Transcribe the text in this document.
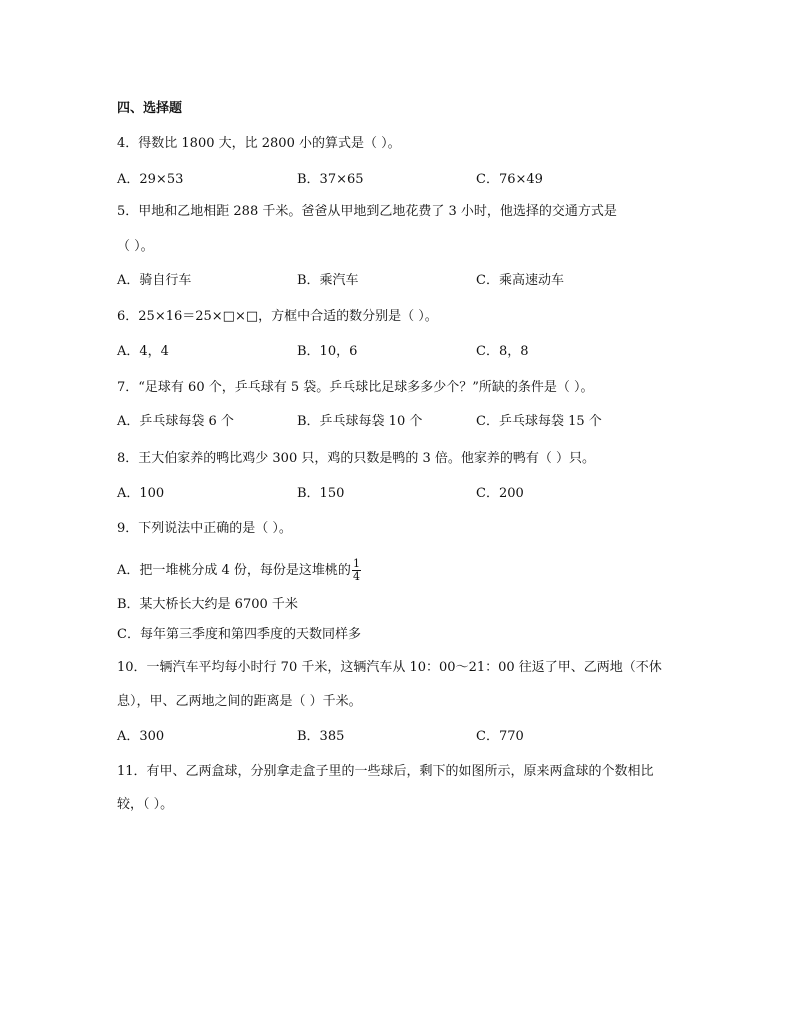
四、选择题
4．得数比 1800 大，比 2800 小的算式是（ ）。
A．29×53	B．37×65	C．76×49
5．甲地和乙地相距 288 千米。爸爸从甲地到乙地花费了 3 小时，他选择的交通方式是
（ ）。
A．骑自行车	B．乘汽车	C．乘高速动车
6．25×16＝25×□×□，方框中合适的数分别是（ ）。
A．4，4	B．10，6	C．8，8
7．“足球有 60 个，乒乓球有 5 袋。乒乓球比足球多多少个？”所缺的条件是（ ）。
A．乒乓球每袋 6 个	B．乒乓球每袋 10 个	C．乒乓球每袋 15 个
8．王大伯家养的鸭比鸡少 300 只，鸡的只数是鸭的 3 倍。他家养的鸭有（ ）只。
A．100	B．150	C．200
9．下列说法中正确的是（ ）。
A．把一堆桃分成 4 份，每份是这堆桃的 $\frac{1}{4}$
B．某大桥长大约是 6700 千米
C．每年第三季度和第四季度的天数同样多
10．一辆汽车平均每小时行 70 千米，这辆汽车从 10：00～21：00 往返了甲、乙两地（不休
息），甲、乙两地之间的距离是（ ）千米。
A．300	B．385	C．770
11．有甲、乙两盒球，分别拿走盒子里的一些球后，剩下的如图所示，原来两盒球的个数相比
较，（ ）。
